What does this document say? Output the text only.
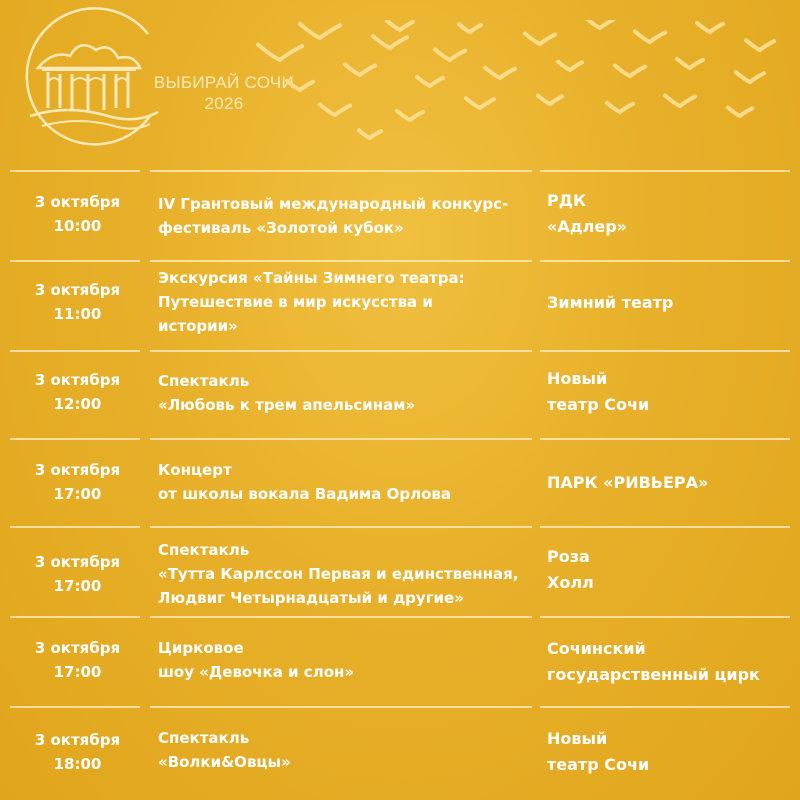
ВЫБИРАЙ СОЧИ
2026
3 октября
10:00
IV Грантовый международный конкурс-
фестиваль «Золотой кубок»
РДК
«Адлер»
3 октября
11:00
Экскурсия «Тайны Зимнего театра:
Путешествие в мир искусства и
истории»
Зимний театр
3 октября
12:00
Спектакль
«Любовь к трем апельсинам»
Новый
театр Сочи
3 октября
17:00
Концерт
от школы вокала Вадима Орлова
ПАРК «РИВЬЕРА»
3 октября
17:00
Спектакль
«Тутта Карлссон Первая и единственная,
Людвиг Четырнадцатый и другие»
Роза
Холл
3 октября
17:00
Цирковое
шоу «Девочка и слон»
Сочинский
государственный цирк
3 октября
18:00
Спектакль
«Волки&Овцы»
Новый
театр Сочи
